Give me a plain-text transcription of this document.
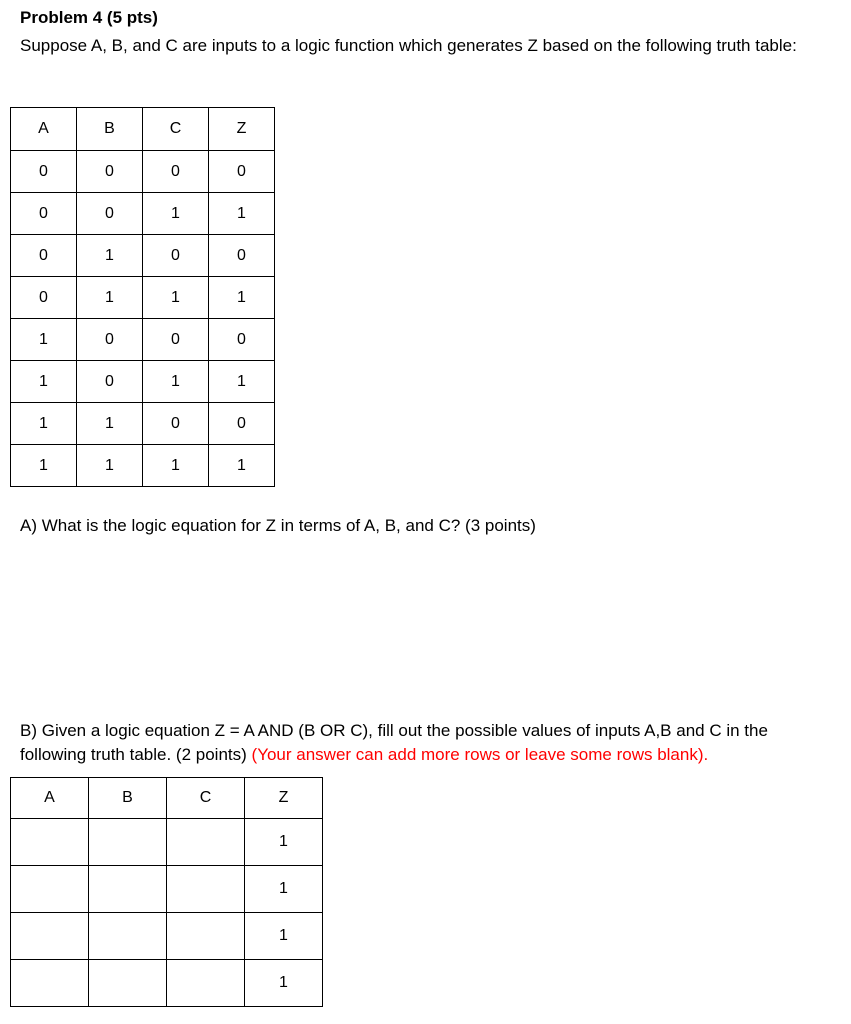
Problem 4 (5 pts)
Suppose A, B, and C are inputs to a logic function which generates Z based on the following truth table:
A	B	C	Z
0	0	0	0
0	0	1	1
0	1	0	0
0	1	1	1
1	0	0	0
1	0	1	1
1	1	0	0
1	1	1	1
A) What is the logic equation for Z in terms of A, B, and C? (3 points)
B) Given a logic equation Z = A AND (B OR C), fill out the possible values of inputs A,B and C in the following truth table. (2 points) (Your answer can add more rows or leave some rows blank).
A	B	C	Z
			1
			1
			1
			1
